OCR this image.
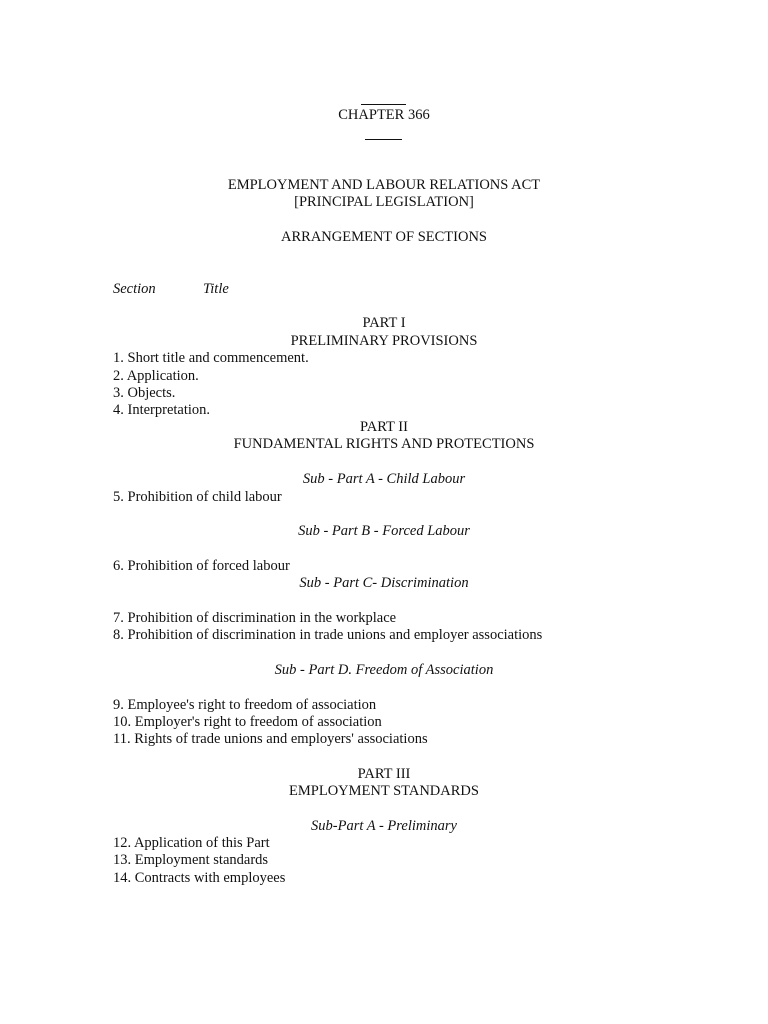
CHAPTER 366
EMPLOYMENT AND LABOUR RELATIONS ACT
[PRINCIPAL LEGISLATION]
ARRANGEMENT OF SECTIONS
Section	Title
PART I
PRELIMINARY PROVISIONS
1. Short title and commencement.
2. Application.
3. Objects.
4. Interpretation.
PART II
FUNDAMENTAL RIGHTS AND PROTECTIONS
Sub - Part A - Child Labour
5. Prohibition of child labour
Sub - Part B - Forced Labour
6. Prohibition of forced labour
Sub - Part C- Discrimination
7. Prohibition of discrimination in the workplace
8. Prohibition of discrimination in trade unions and employer associations
Sub - Part D. Freedom of Association
9. Employee's right to freedom of association
10. Employer's right to freedom of association
11. Rights of trade unions and employers' associations
PART III
EMPLOYMENT STANDARDS
Sub-Part A - Preliminary
12. Application of this Part
13. Employment standards
14. Contracts with employees
